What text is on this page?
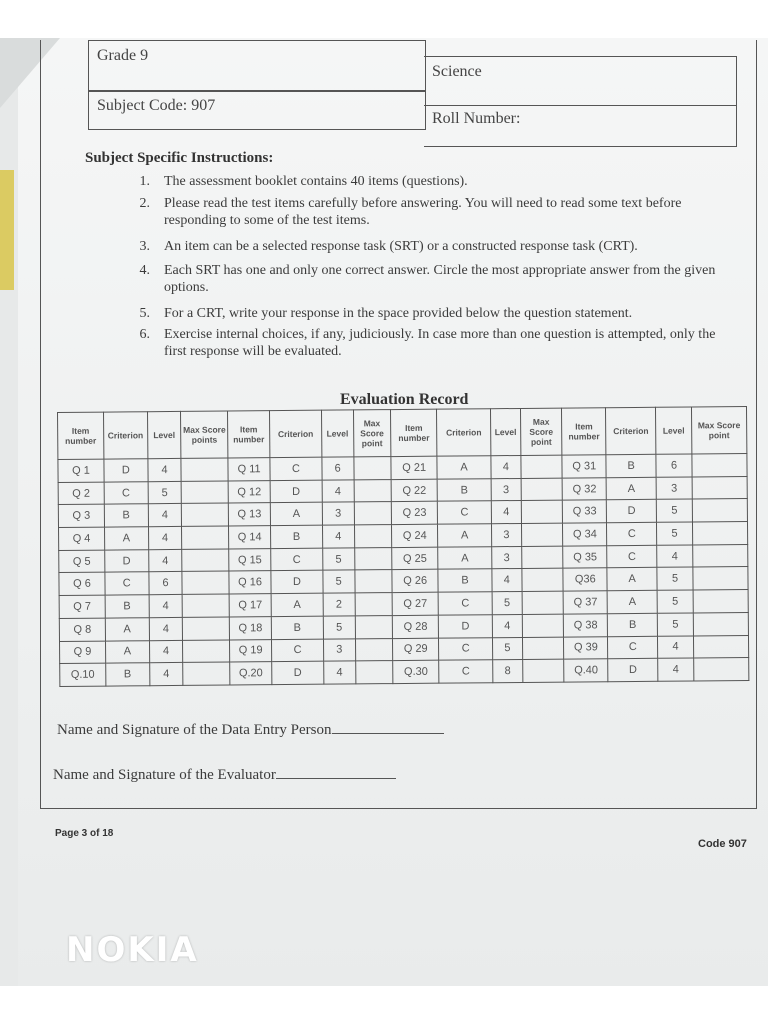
Grade 9
Science
Subject Code: 907
Roll Number:
Subject Specific Instructions:
1. The assessment booklet contains 40 items (questions).
2. Please read the test items carefully before answering. You will need to read some text before responding to some of the test items.
3. An item can be a selected response task (SRT) or a constructed response task (CRT).
4. Each SRT has one and only one correct answer. Circle the most appropriate answer from the given options.
5. For a CRT, write your response in the space provided below the question statement.
6. Exercise internal choices, if any, judiciously. In case more than one question is attempted, only the first response will be evaluated.
Evaluation Record
Item number	Criterion	Level	Max Score points	Item number	Criterion	Level	Max Score point	Item number	Criterion	Level	Max Score point	Item number	Criterion	Level	Max Score point
Q 1	D	4		Q 11	C	6		Q 21	A	4		Q 31	B	6	
Q 2	C	5		Q 12	D	4		Q 22	B	3		Q 32	A	3	
Q 3	B	4		Q 13	A	3		Q 23	C	4		Q 33	D	5	
Q 4	A	4		Q 14	B	4		Q 24	A	3		Q 34	C	5	
Q 5	D	4		Q 15	C	5		Q 25	A	3		Q 35	C	4	
Q 6	C	6		Q 16	D	5		Q 26	B	4		Q36	A	5	
Q 7	B	4		Q 17	A	2		Q 27	C	5		Q 37	A	5	
Q 8	A	4		Q 18	B	5		Q 28	D	4		Q 38	B	5	
Q 9	A	4		Q 19	C	3		Q 29	C	5		Q 39	C	4	
Q.10	B	4		Q.20	D	4		Q.30	C	8		Q.40	D	4	
Name and Signature of the Data Entry Person
Name and Signature of the Evaluator
Page 3 of 18
Code 907
NOKIA
